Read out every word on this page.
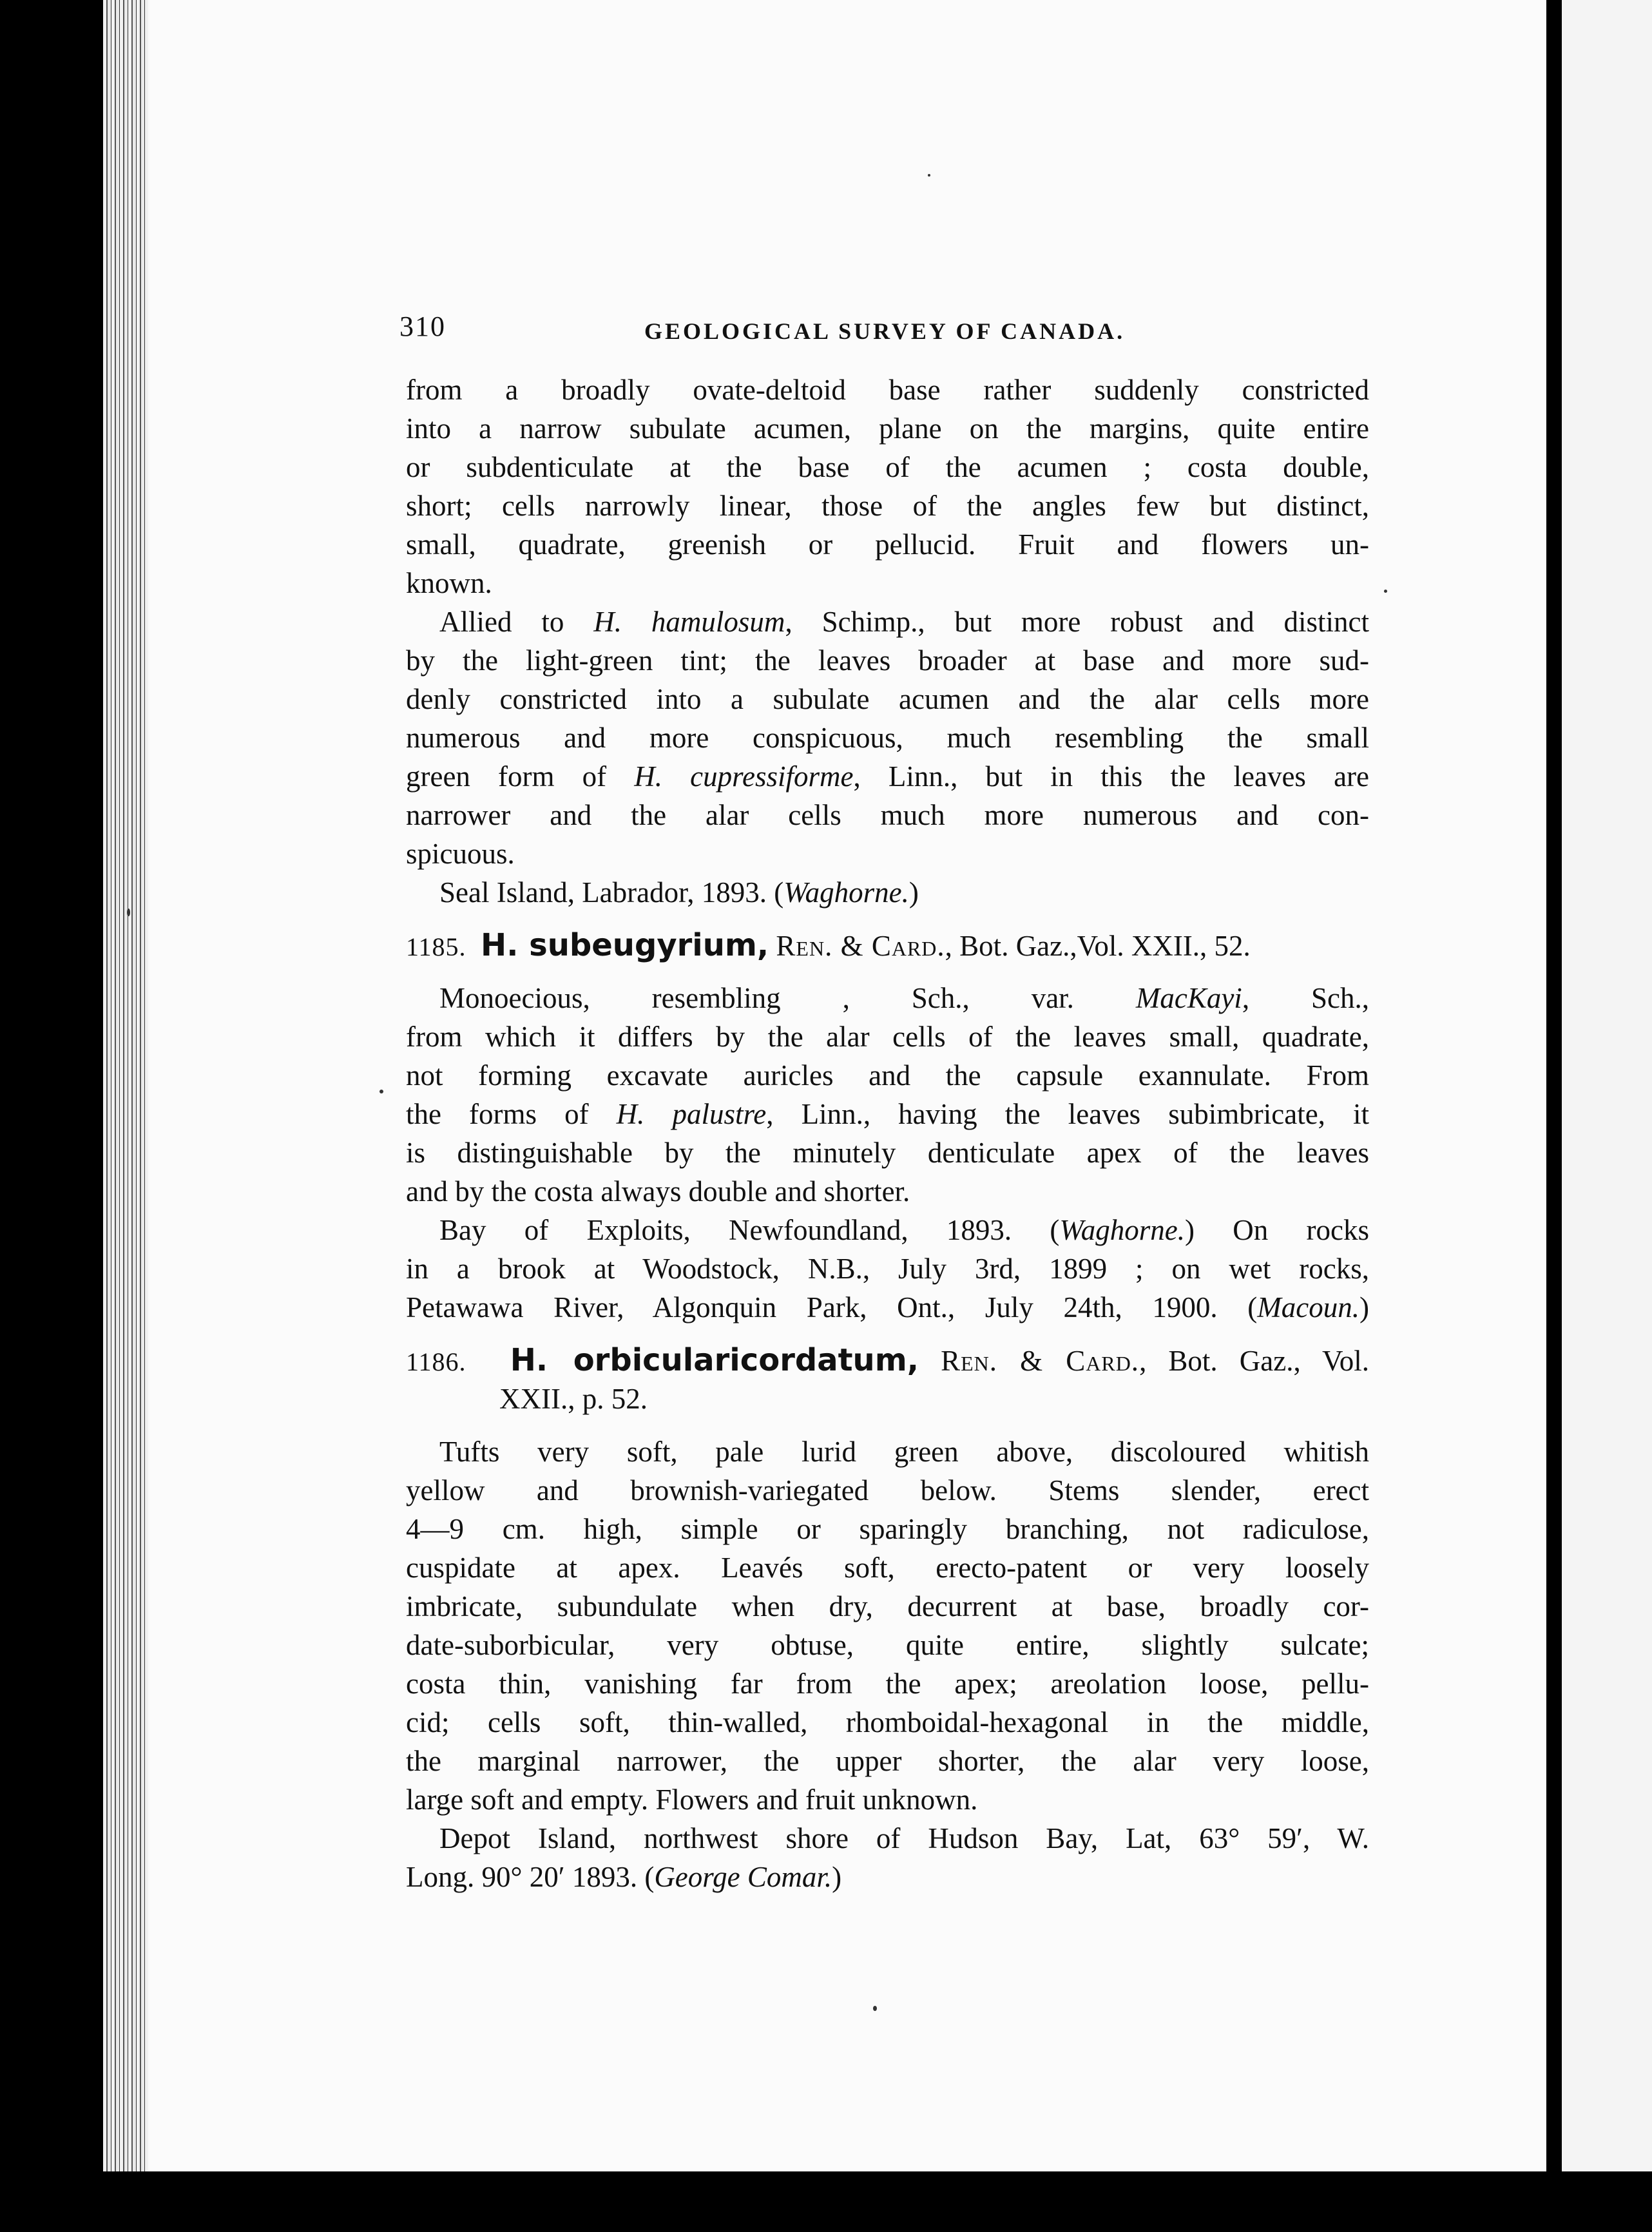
310	GEOLOGICAL SURVEY OF CANADA.
from a broadly ovate-deltoid base rather suddenly constricted
into a narrow subulate acumen, plane on the margins, quite entire
or subdenticulate at the base of the acumen ; costa double,
short; cells narrowly linear, those of the angles few but distinct,
small, quadrate, greenish or pellucid. Fruit and flowers un-
known.
Allied to H. hamulosum, Schimp., but more robust and distinct
by the light-green tint; the leaves broader at base and more sud-
denly constricted into a subulate acumen and the alar cells more
numerous and more conspicuous, much resembling the small
green form of H. cupressiforme, Linn., but in this the leaves are
narrower and the alar cells much more numerous and con-
spicuous.
Seal Island, Labrador, 1893. (Waghorne.)
1185. H. subeugyrium, Ren. & Card., Bot. Gaz.,Vol. XXII., 52.
Monoecious, resembling , Sch., var. MacKayi, Sch.,
from which it differs by the alar cells of the leaves small, quadrate,
not forming excavate auricles and the capsule exannulate. From
the forms of H. palustre, Linn., having the leaves subimbricate, it
is distinguishable by the minutely denticulate apex of the leaves
and by the costa always double and shorter.
Bay of Exploits, Newfoundland, 1893. (Waghorne.) On rocks
in a brook at Woodstock, N.B., July 3rd, 1899 ; on wet rocks,
Petawawa River, Algonquin Park, Ont., July 24th, 1900. (Macoun.)
1186. H. orbicularicordatum, Ren. & Card., Bot. Gaz., Vol.
XXII., p. 52.
Tufts very soft, pale lurid green above, discoloured whitish
yellow and brownish-variegated below. Stems slender, erect
4—9 cm. high, simple or sparingly branching, not radiculose,
cuspidate at apex. Leavés soft, erecto-patent or very loosely
imbricate, subundulate when dry, decurrent at base, broadly cor-
date-suborbicular, very obtuse, quite entire, slightly sulcate;
costa thin, vanishing far from the apex; areolation loose, pellu-
cid; cells soft, thin-walled, rhomboidal-hexagonal in the middle,
the marginal narrower, the upper shorter, the alar very loose,
large soft and empty. Flowers and fruit unknown.
Depot Island, northwest shore of Hudson Bay, Lat, 63° 59′, W.
Long. 90° 20′ 1893. (George Comar.)
